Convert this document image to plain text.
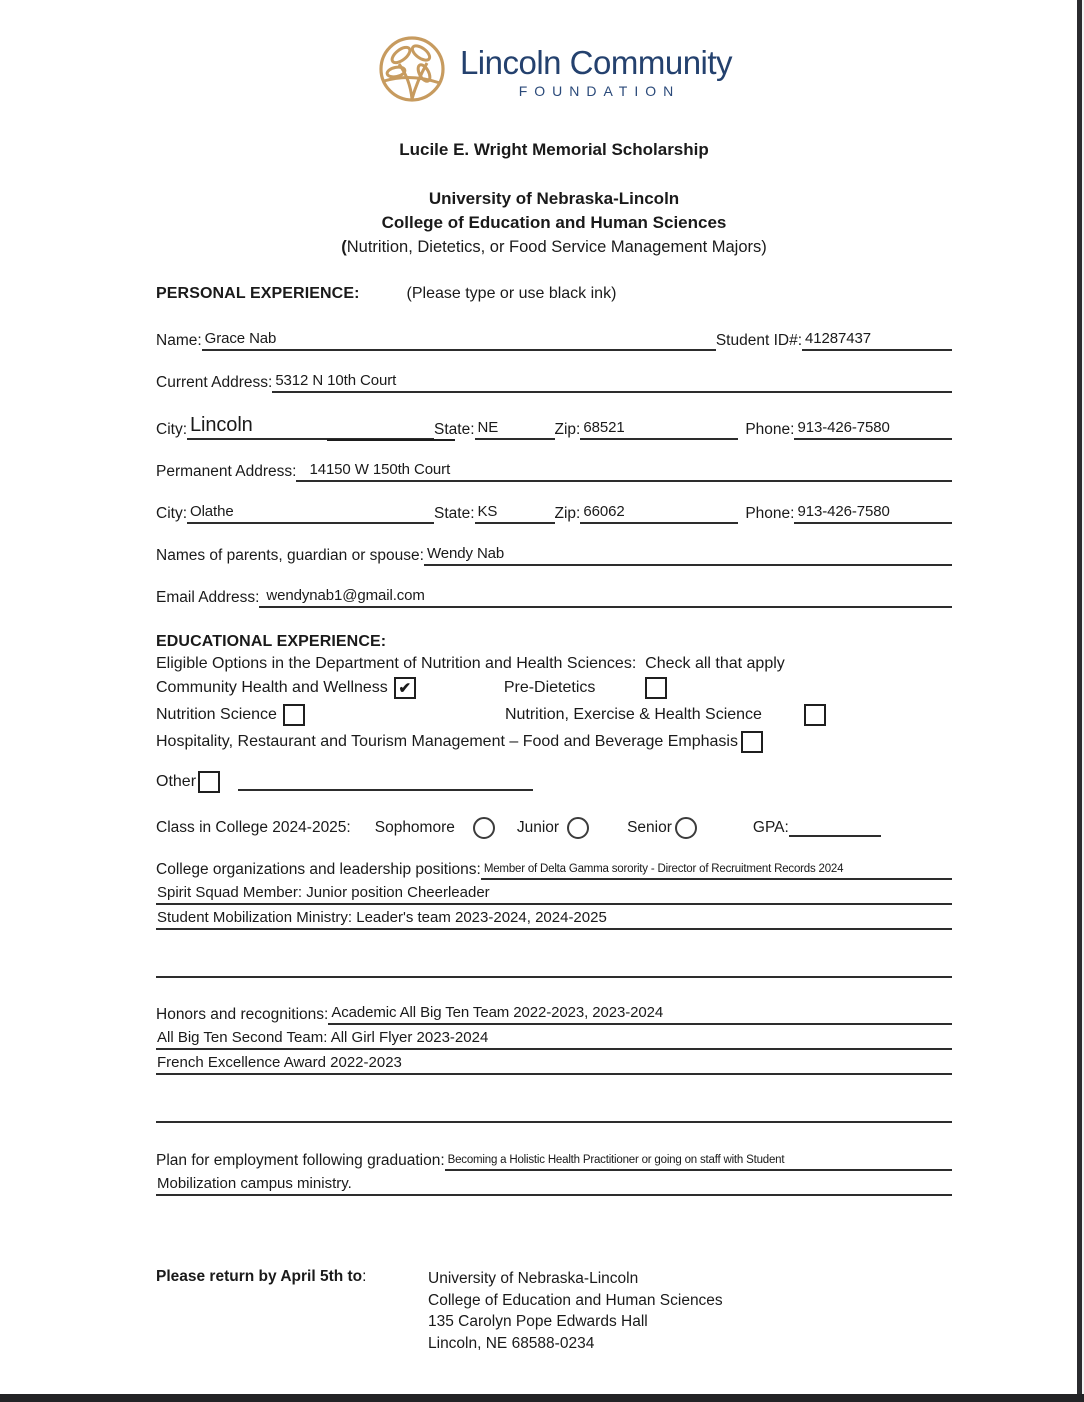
Lincoln Community
FOUNDATION
Lucile E. Wright Memorial Scholarship
University of Nebraska-Lincoln
College of Education and Human Sciences
(Nutrition, Dietetics, or Food Service Management Majors)
PERSONAL EXPERIENCE:	(Please type or use black ink)
Name: Grace Nab	Student ID#: 41287437
Current Address: 5312 N 10th Court
City: Lincoln	State: NE	Zip: 68521	Phone: 913-426-7580
Permanent Address: 14150 W 150th Court
City: Olathe	State: KS	Zip: 66062	Phone: 913-426-7580
Names of parents, guardian or spouse: Wendy Nab
Email Address: wendynab1@gmail.com
EDUCATIONAL EXPERIENCE:
Eligible Options in the Department of Nutrition and Health Sciences:  Check all that apply
Community Health and Wellness ✔	Pre-Dietetics
Nutrition Science	Nutrition, Exercise & Health Science
Hospitality, Restaurant and Tourism Management – Food and Beverage Emphasis
Other
Class in College 2024-2025: Sophomore	Junior	Senior	GPA:
College organizations and leadership positions: Member of Delta Gamma sorority - Director of Recruitment Records 2024
Spirit Squad Member: Junior position Cheerleader
Student Mobilization Ministry: Leader's team 2023-2024, 2024-2025
Honors and recognitions: Academic All Big Ten Team 2022-2023, 2023-2024
All Big Ten Second Team: All Girl Flyer 2023-2024
French Excellence Award 2022-2023
Plan for employment following graduation: Becoming a Holistic Health Practitioner or going on staff with Student
Mobilization campus ministry.
Please return by April 5th to:	University of Nebraska-Lincoln
College of Education and Human Sciences
135 Carolyn Pope Edwards Hall
Lincoln, NE 68588-0234
